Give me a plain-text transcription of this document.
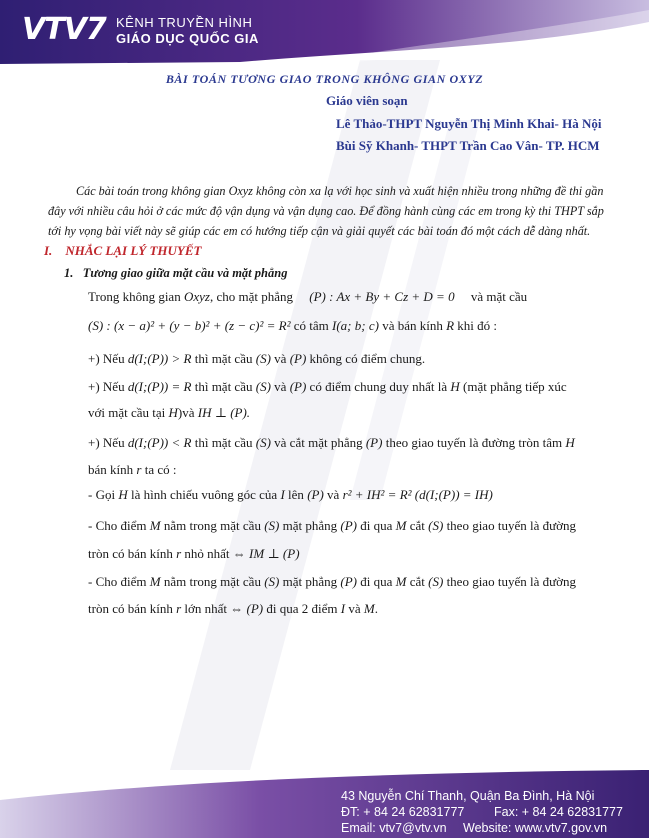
VTV7 KÊNH TRUYỀN HÌNH
GIÁO DỤC QUỐC GIA
BÀI TOÁN TƯƠNG GIAO TRONG KHÔNG GIAN OXYZ
Giáo viên soạn
Lê Thảo-THPT Nguyễn Thị Minh Khai- Hà Nội
Bùi Sỹ Khanh- THPT Trần Cao Vân- TP. HCM
Các bài toán trong không gian Oxyz không còn xa lạ với học sinh và xuất hiện nhiều trong những đề thi gần
đây với nhiều câu hỏi ở các mức độ vận dụng và vận dụng cao. Để đồng hành cùng các em trong kỳ thi THPT sắp
tới hy vọng bài viết này sẽ giúp các em có hướng tiếp cận và giải quyết các bài toán đó một cách dễ dàng nhất.
I. NHẮC LẠI LÝ THUYẾT
1. Tương giao giữa mặt cầu và mặt phẳng
Trong không gian Oxyz, cho mặt phẳng     (P) : Ax + By + Cz + D = 0     và mặt cầu
(S) : (x − a)² + (y − b)² + (z − c)² = R² có tâm I(a; b; c) và bán kính R khi đó :
+) Nếu d(I;(P)) > R thì mặt cầu (S) và (P) không có điểm chung.
+) Nếu d(I;(P)) = R thì mặt cầu (S) và (P) có điểm chung duy nhất là H (mặt phẳng tiếp xúc
với mặt cầu tại H)và IH ⊥ (P).
+) Nếu d(I;(P)) < R thì mặt cầu (S) và cắt mặt phẳng (P) theo giao tuyến là đường tròn tâm H
bán kính r ta có :
- Gọi H là hình chiếu vuông góc của I lên (P) và r² + IH² = R² (d(I;(P)) = IH)
- Cho điểm M nằm trong mặt cầu (S) mặt phẳng (P) đi qua M cắt (S) theo giao tuyến là đường
tròn có bán kính r nhỏ nhất ⇔ IM ⊥ (P)
- Cho điểm M nằm trong mặt cầu (S) mặt phẳng (P) đi qua M cắt (S) theo giao tuyến là đường
tròn có bán kính r lớn nhất ⇔ (P) đi qua 2 điểm I và M.
43 Nguyễn Chí Thanh, Quận Ba Đình, Hà Nội
ĐT: + 84 24 62831777 Fax: + 84 24 62831777
Email: vtv7@vtv.vn Website: www.vtv7.gov.vn
